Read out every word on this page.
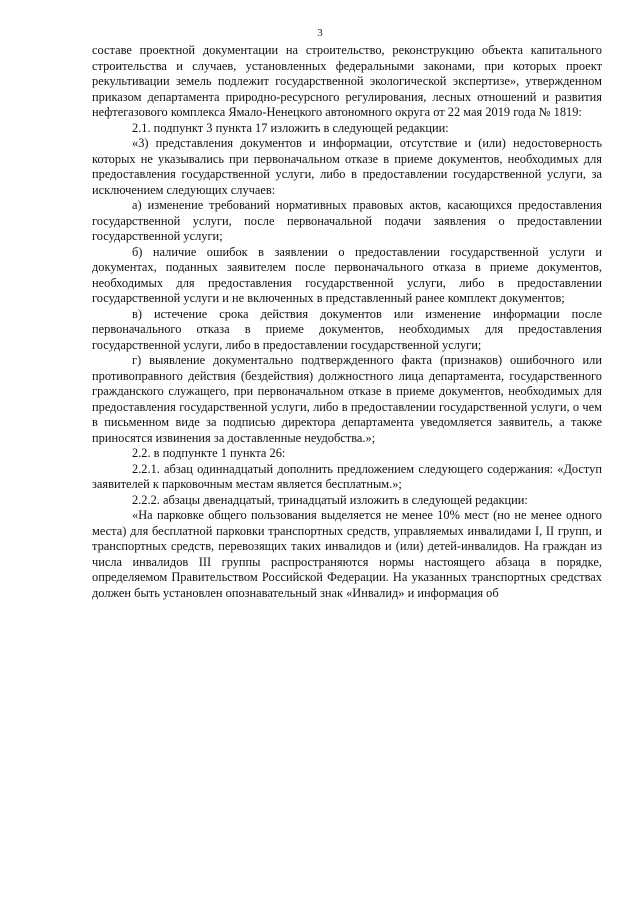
3

составе проектной документации на строительство, реконструкцию объекта капитального строительства и случаев, установленных федеральными законами, при которых проект рекультивации земель подлежит государственной экологической экспертизе», утвержденном приказом департамента природно-ресурсного регулирования, лесных отношений и развития нефтегазового комплекса Ямало-Ненецкого автономного округа от 22 мая 2019 года № 1819:

2.1. подпункт 3 пункта 17 изложить в следующей редакции:

«3) представления документов и информации, отсутствие и (или) недостоверность которых не указывались при первоначальном отказе в приеме документов, необходимых для предоставления государственной услуги, либо в предоставлении государственной услуги, за исключением следующих случаев:

а) изменение требований нормативных правовых актов, касающихся предоставления государственной услуги, после первоначальной подачи заявления о предоставлении государственной услуги;

б) наличие ошибок в заявлении о предоставлении государственной услуги и документах, поданных заявителем после первоначального отказа в приеме документов, необходимых для предоставления государственной услуги, либо в предоставлении государственной услуги и не включенных в представленный ранее комплект документов;

в) истечение срока действия документов или изменение информации после первоначального отказа в приеме документов, необходимых для предоставления государственной услуги, либо в предоставлении государственной услуги;

г) выявление документально подтвержденного факта (признаков) ошибочного или противоправного действия (бездействия) должностного лица департамента, государственного гражданского служащего, при первоначальном отказе в приеме документов, необходимых для предоставления государственной услуги, либо в предоставлении государственной услуги, о чем в письменном виде за подписью директора департамента уведомляется заявитель, а также приносятся извинения за доставленные неудобства.»;

2.2. в подпункте 1 пункта 26:

2.2.1. абзац одиннадцатый дополнить предложением следующего содержания: «Доступ заявителей к парковочным местам является бесплатным.»;

2.2.2. абзацы двенадцатый, тринадцатый изложить в следующей редакции:

«На парковке общего пользования выделяется не менее 10% мест (но не менее одного места) для бесплатной парковки транспортных средств, управляемых инвалидами I, II групп, и транспортных средств, перевозящих таких инвалидов и (или) детей-инвалидов. На граждан из числа инвалидов III группы распространяются нормы настоящего абзаца в порядке, определяемом Правительством Российской Федерации. На указанных транспортных средствах должен быть установлен опознавательный знак «Инвалид» и информация об
